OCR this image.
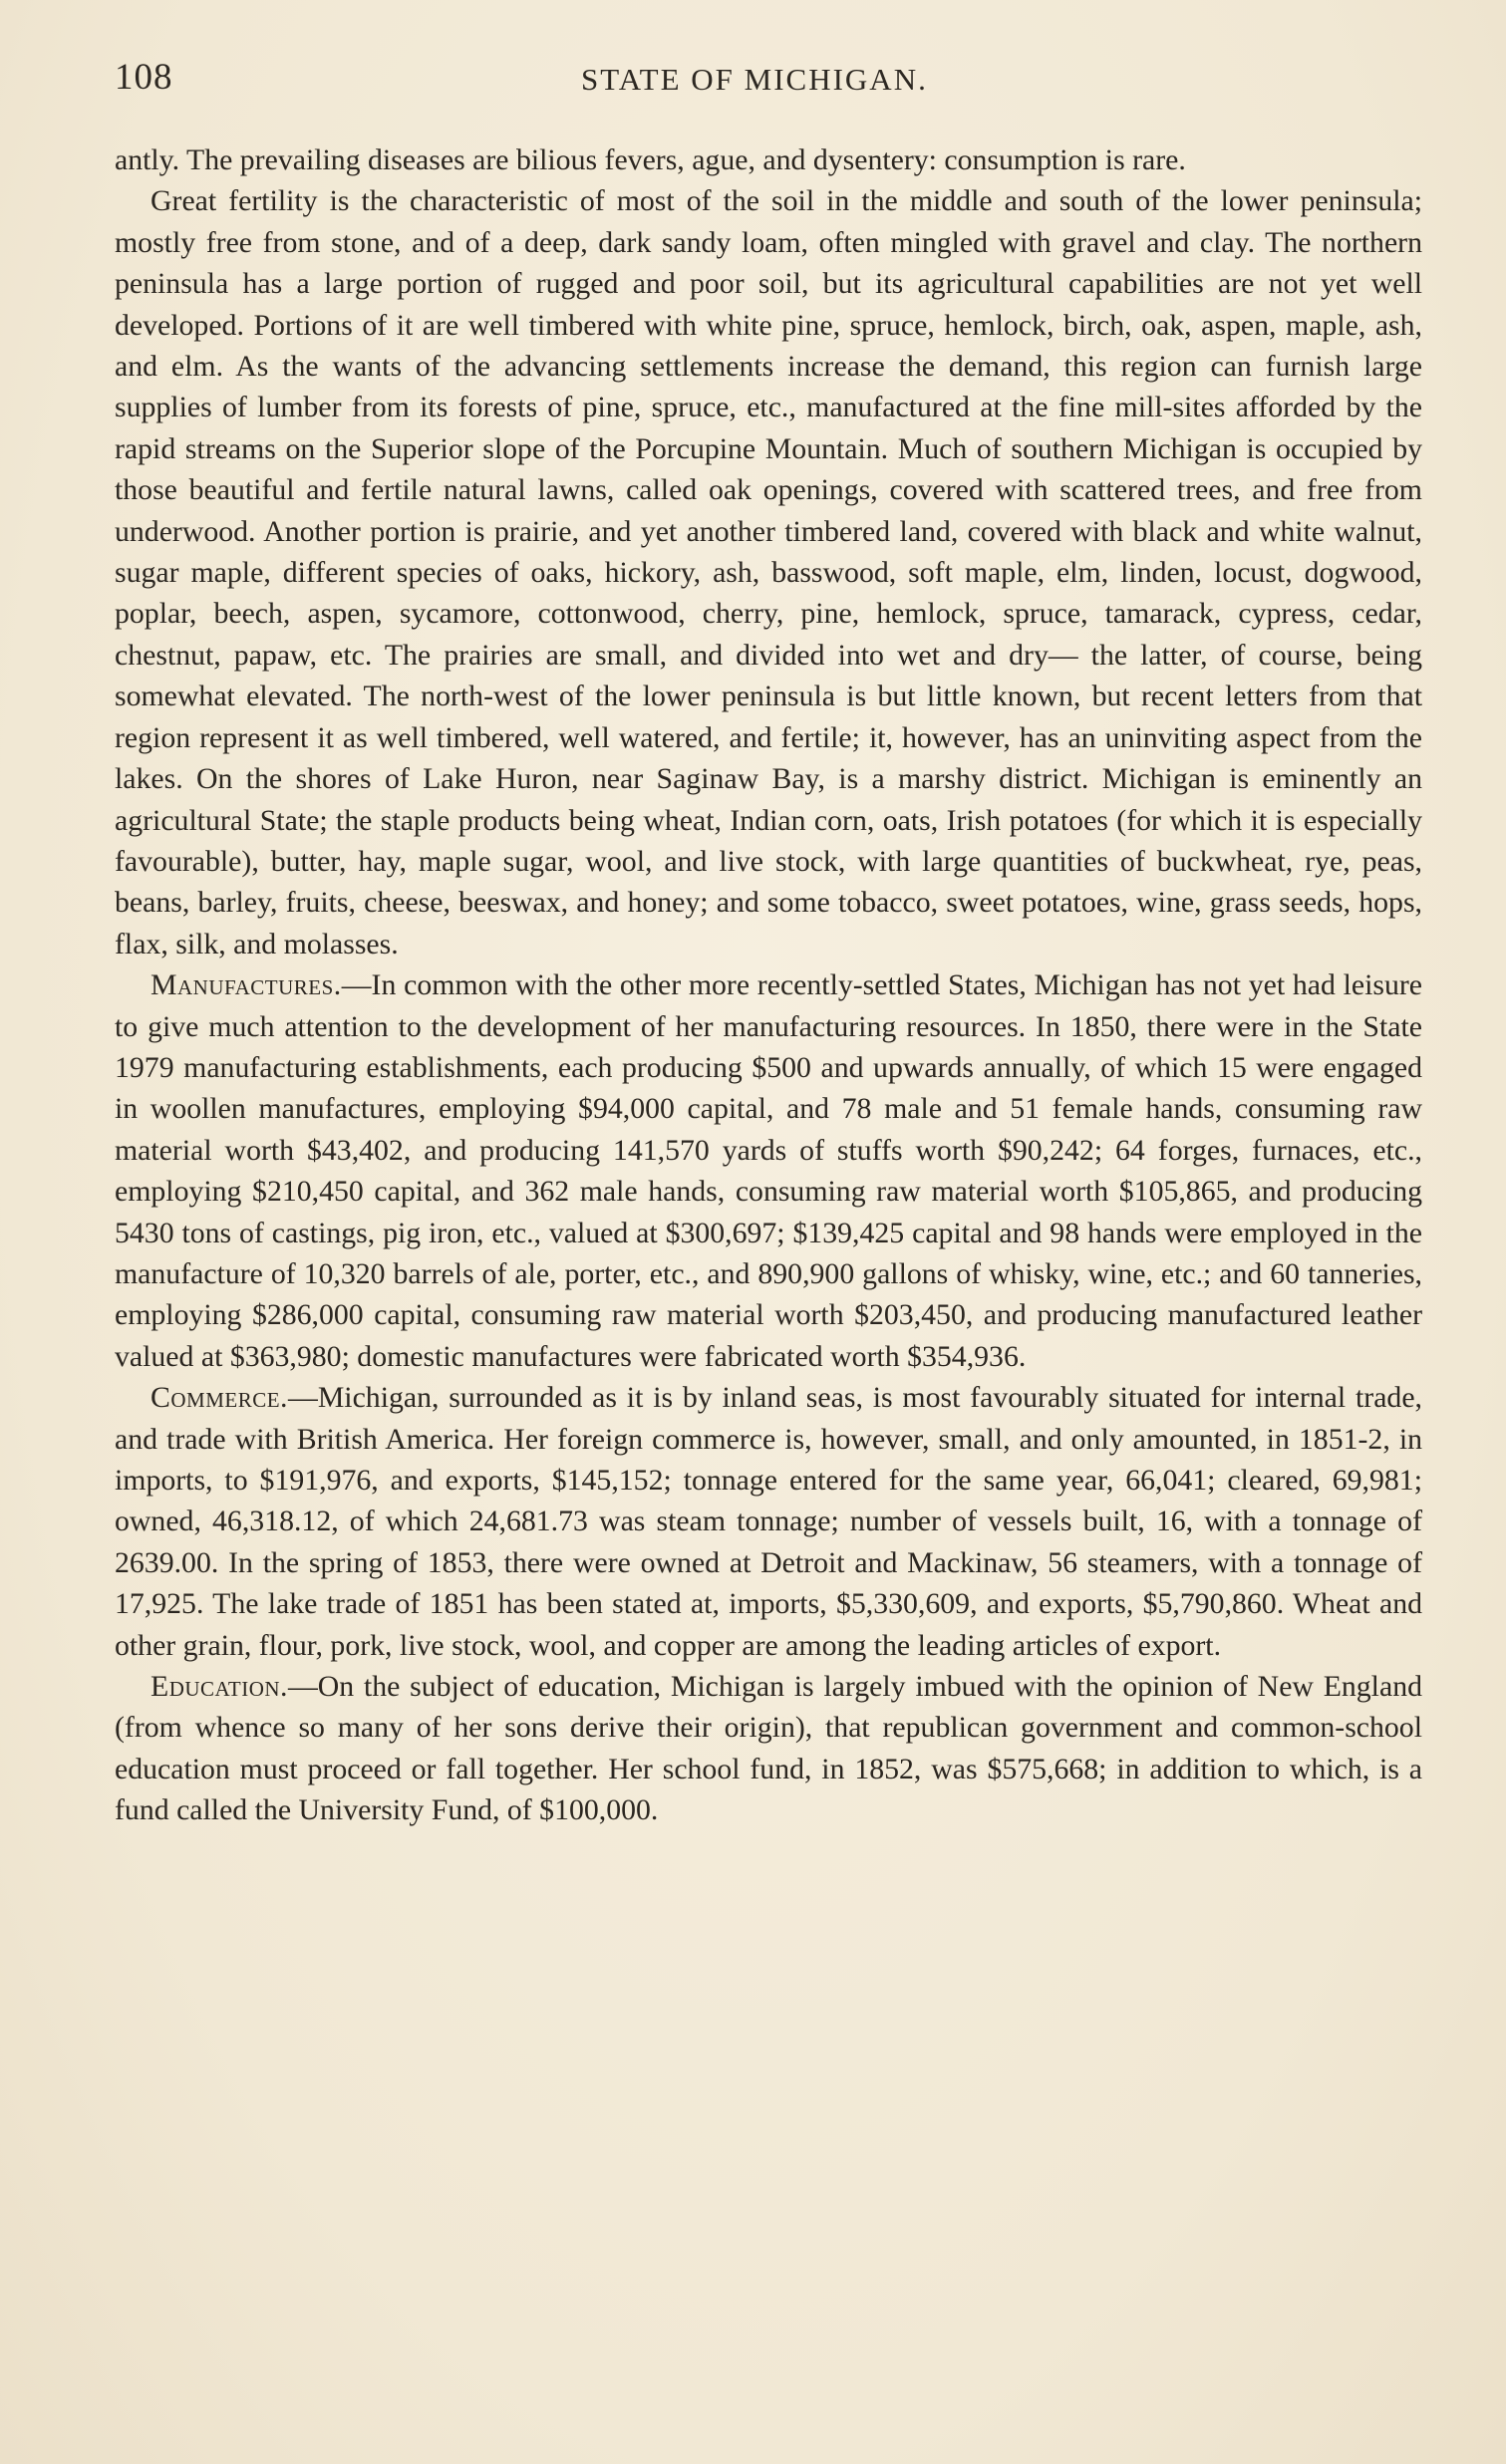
108	STATE OF MICHIGAN.

antly. The prevailing diseases are bilious fevers, ague, and dysentery: consumption is rare.

Great fertility is the characteristic of most of the soil in the middle and south of the lower peninsula; mostly free from stone, and of a deep, dark sandy loam, often mingled with gravel and clay. The northern peninsula has a large portion of rugged and poor soil, but its agricultural capabilities are not yet well developed. Portions of it are well timbered with white pine, spruce, hemlock, birch, oak, aspen, maple, ash, and elm. As the wants of the advancing settlements increase the demand, this region can furnish large supplies of lumber from its forests of pine, spruce, etc., manufactured at the fine mill-sites afforded by the rapid streams on the Superior slope of the Porcupine Mountain. Much of southern Michigan is occupied by those beautiful and fertile natural lawns, called oak openings, covered with scattered trees, and free from underwood. Another portion is prairie, and yet another timbered land, covered with black and white walnut, sugar maple, different species of oaks, hickory, ash, basswood, soft maple, elm, linden, locust, dogwood, poplar, beech, aspen, sycamore, cottonwood, cherry, pine, hemlock, spruce, tamarack, cypress, cedar, chestnut, papaw, etc. The prairies are small, and divided into wet and dry— the latter, of course, being somewhat elevated. The north-west of the lower peninsula is but little known, but recent letters from that region represent it as well timbered, well watered, and fertile; it, however, has an uninviting aspect from the lakes. On the shores of Lake Huron, near Saginaw Bay, is a marshy district. Michigan is eminently an agricultural State; the staple products being wheat, Indian corn, oats, Irish potatoes (for which it is especially favourable), butter, hay, maple sugar, wool, and live stock, with large quantities of buckwheat, rye, peas, beans, barley, fruits, cheese, beeswax, and honey; and some tobacco, sweet potatoes, wine, grass seeds, hops, flax, silk, and molasses.

Manufactures.—In common with the other more recently-settled States, Michigan has not yet had leisure to give much attention to the development of her manufacturing resources. In 1850, there were in the State 1979 manufacturing establishments, each producing $500 and upwards annually, of which 15 were engaged in woollen manufactures, employing $94,000 capital, and 78 male and 51 female hands, consuming raw material worth $43,402, and producing 141,570 yards of stuffs worth $90,242; 64 forges, furnaces, etc., employing $210,450 capital, and 362 male hands, consuming raw material worth $105,865, and producing 5430 tons of castings, pig iron, etc., valued at $300,697; $139,425 capital and 98 hands were employed in the manufacture of 10,320 barrels of ale, porter, etc., and 890,900 gallons of whisky, wine, etc.; and 60 tanneries, employing $286,000 capital, consuming raw material worth $203,450, and producing manufactured leather valued at $363,980; domestic manufactures were fabricated worth $354,936.

Commerce.—Michigan, surrounded as it is by inland seas, is most favourably situated for internal trade, and trade with British America. Her foreign commerce is, however, small, and only amounted, in 1851-2, in imports, to $191,976, and exports, $145,152; tonnage entered for the same year, 66,041; cleared, 69,981; owned, 46,318.12, of which 24,681.73 was steam tonnage; number of vessels built, 16, with a tonnage of 2639.00. In the spring of 1853, there were owned at Detroit and Mackinaw, 56 steamers, with a tonnage of 17,925. The lake trade of 1851 has been stated at, imports, $5,330,609, and exports, $5,790,860. Wheat and other grain, flour, pork, live stock, wool, and copper are among the leading articles of export.

Education.—On the subject of education, Michigan is largely imbued with the opinion of New England (from whence so many of her sons derive their origin), that republican government and common-school education must proceed or fall together. Her school fund, in 1852, was $575,668; in addition to which, is a fund called the University Fund, of $100,000.
